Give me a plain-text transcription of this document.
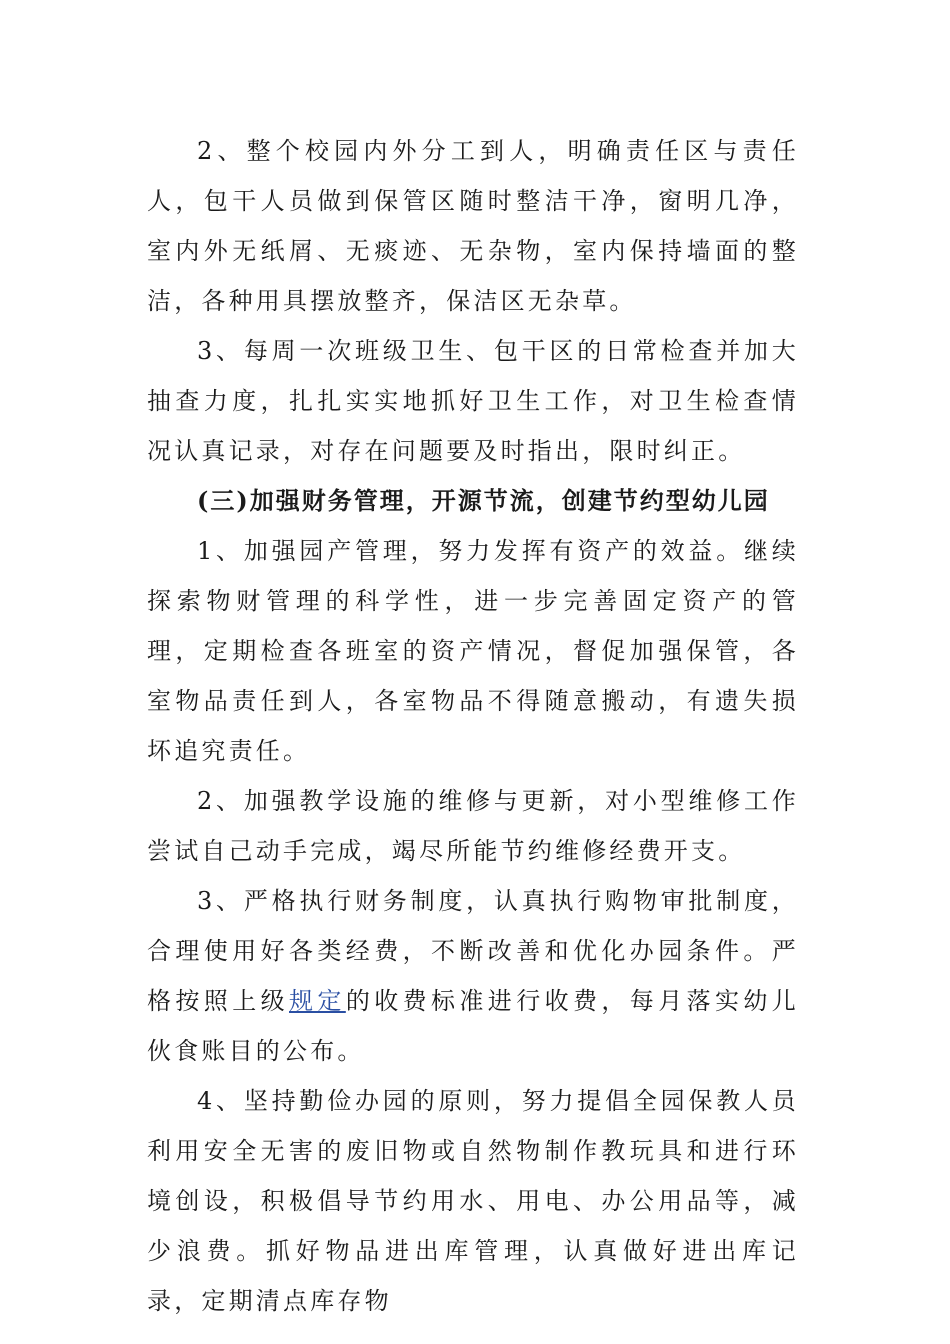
2、整个校园内外分工到人，明确责任区与责任人，包干人员做到保管区随时整洁干净，窗明几净，室内外无纸屑、无痰迹、无杂物，室内保持墙面的整洁，各种用具摆放整齐，保洁区无杂草。

3、每周一次班级卫生、包干区的日常检查并加大抽查力度，扎扎实实地抓好卫生工作，对卫生检查情况认真记录，对存在问题要及时指出，限时纠正。

(三)加强财务管理，开源节流，创建节约型幼儿园

1、加强园产管理，努力发挥有资产的效益。继续探索物财管理的科学性，进一步完善固定资产的管理，定期检查各班室的资产情况，督促加强保管，各室物品责任到人，各室物品不得随意搬动，有遗失损坏追究责任。

2、加强教学设施的维修与更新，对小型维修工作尝试自己动手完成，竭尽所能节约维修经费开支。

3、严格执行财务制度，认真执行购物审批制度，合理使用好各类经费，不断改善和优化办园条件。严格按照上级规定的收费标准进行收费，每月落实幼儿伙食账目的公布。

4、坚持勤俭办园的原则，努力提倡全园保教人员利用安全无害的废旧物或自然物制作教玩具和进行环境创设，积极倡导节约用水、用电、办公用品等，减少浪费。抓好物品进出库管理，认真做好进出库记录，定期清点库存物
